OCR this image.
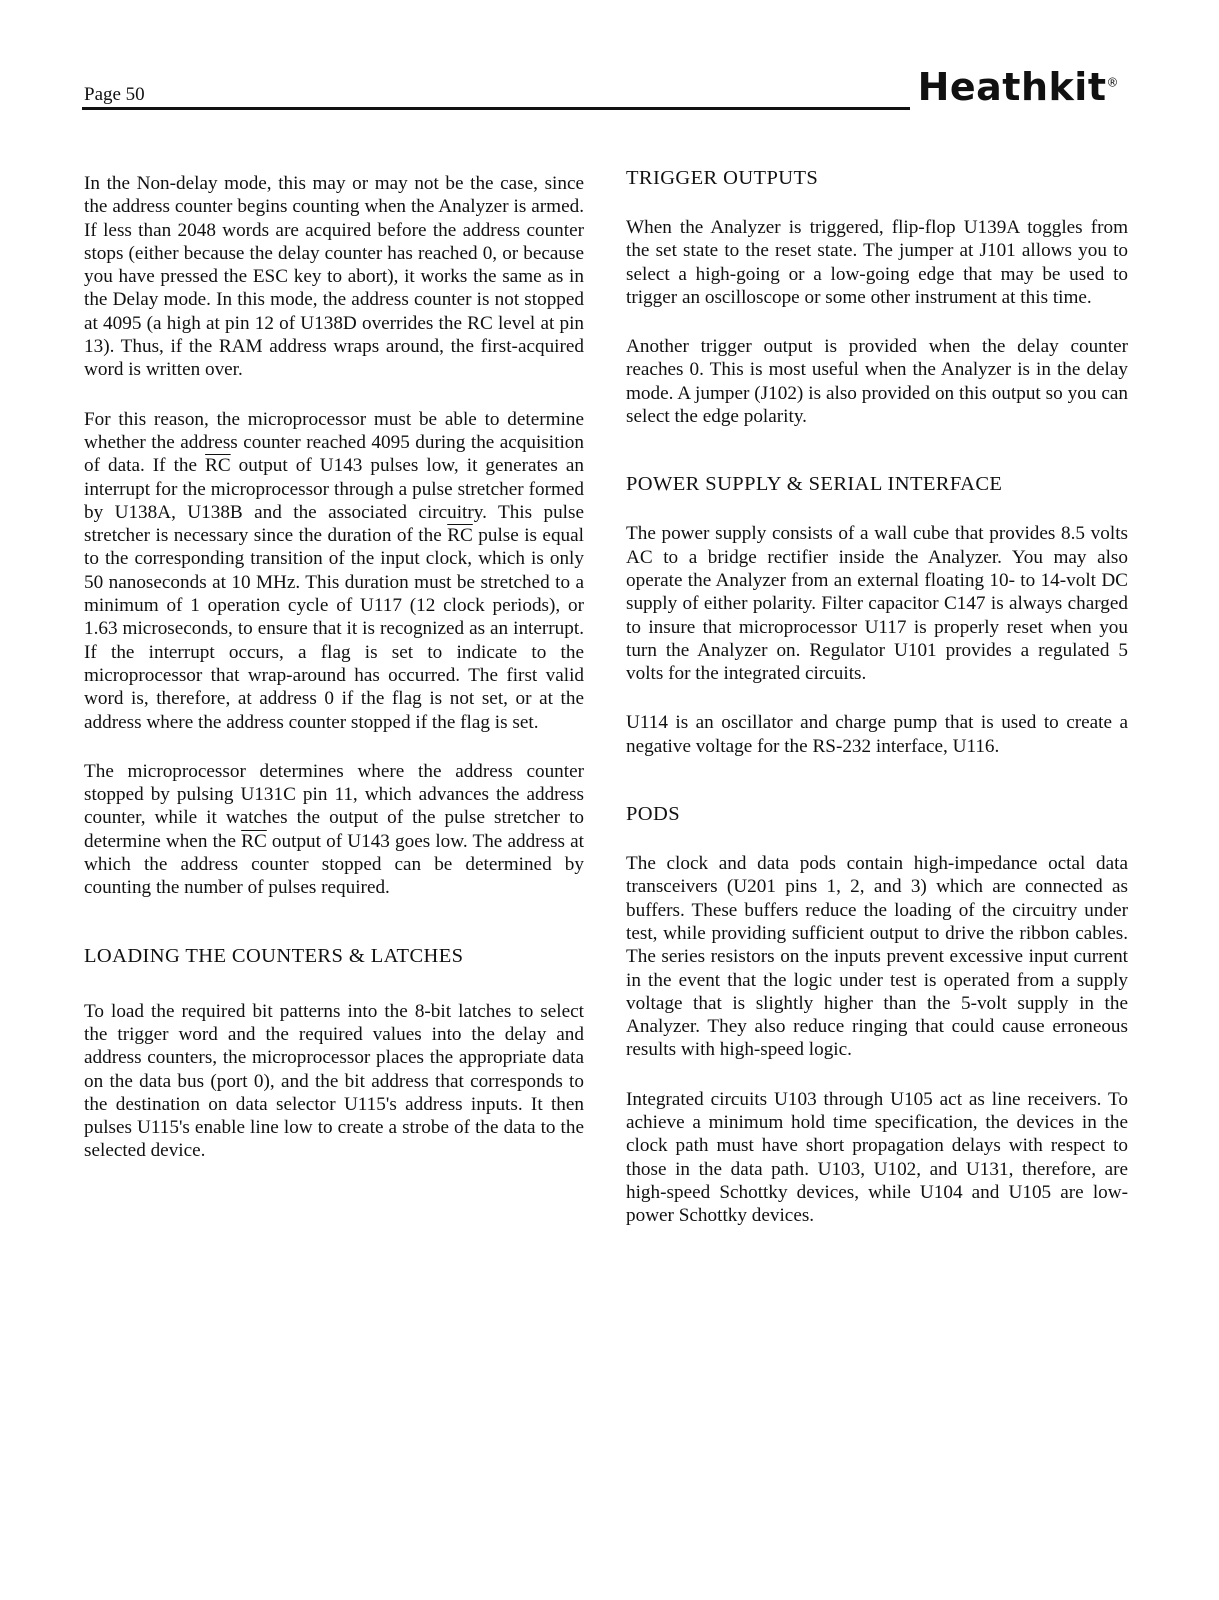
Page 50	Heathkit®

In the Non-delay mode, this may or may not be the case, since the address counter begins counting when the Analyzer is armed. If less than 2048 words are acquired before the address counter stops (either because the delay counter has reached 0, or because you have pressed the ESC key to abort), it works the same as in the Delay mode. In this mode, the address counter is not stopped at 4095 (a high at pin 12 of U138D overrides the RC level at pin 13). Thus, if the RAM address wraps around, the first-acquired word is written over.

For this reason, the microprocessor must be able to determine whether the address counter reached 4095 during the acquisition of data. If the $\overline{RC}$ output of U143 pulses low, it generates an interrupt for the microprocessor through a pulse stretcher formed by U138A, U138B and the associated circuitry. This pulse stretcher is necessary since the duration of the $\overline{RC}$ pulse is equal to the corresponding transition of the input clock, which is only 50 nanoseconds at 10 MHz. This duration must be stretched to a minimum of 1 operation cycle of U117 (12 clock periods), or 1.63 microseconds, to ensure that it is recognized as an interrupt. If the interrupt occurs, a flag is set to indicate to the microprocessor that wrap-around has occurred. The first valid word is, therefore, at address 0 if the flag is not set, or at the address where the address counter stopped if the flag is set.

The microprocessor determines where the address counter stopped by pulsing U131C pin 11, which advances the address counter, while it watches the output of the pulse stretcher to determine when the $\overline{RC}$ output of U143 goes low. The address at which the address counter stopped can be determined by counting the number of pulses required.

LOADING THE COUNTERS & LATCHES

To load the required bit patterns into the 8-bit latches to select the trigger word and the required values into the delay and address counters, the microprocessor places the appropriate data on the data bus (port 0), and the bit address that corresponds to the destination on data selector U115's address inputs. It then pulses U115's enable line low to create a strobe of the data to the selected device.

TRIGGER OUTPUTS

When the Analyzer is triggered, flip-flop U139A toggles from the set state to the reset state. The jumper at J101 allows you to select a high-going or a low-going edge that may be used to trigger an oscilloscope or some other instrument at this time.

Another trigger output is provided when the delay counter reaches 0. This is most useful when the Analyzer is in the delay mode. A jumper (J102) is also provided on this output so you can select the edge polarity.

POWER SUPPLY & SERIAL INTERFACE

The power supply consists of a wall cube that provides 8.5 volts AC to a bridge rectifier inside the Analyzer. You may also operate the Analyzer from an external floating 10- to 14-volt DC supply of either polarity. Filter capacitor C147 is always charged to insure that microprocessor U117 is properly reset when you turn the Analyzer on. Regulator U101 provides a regulated 5 volts for the integrated circuits.

U114 is an oscillator and charge pump that is used to create a negative voltage for the RS-232 interface, U116.

PODS

The clock and data pods contain high-impedance octal data transceivers (U201 pins 1, 2, and 3) which are connected as buffers. These buffers reduce the loading of the circuitry under test, while providing sufficient output to drive the ribbon cables. The series resistors on the inputs prevent excessive input current in the event that the logic under test is operated from a supply voltage that is slightly higher than the 5-volt supply in the Analyzer. They also reduce ringing that could cause erroneous results with high-speed logic.

Integrated circuits U103 through U105 act as line receivers. To achieve a minimum hold time specification, the devices in the clock path must have short propagation delays with respect to those in the data path. U103, U102, and U131, therefore, are high-speed Schottky devices, while U104 and U105 are low-power Schottky devices.
